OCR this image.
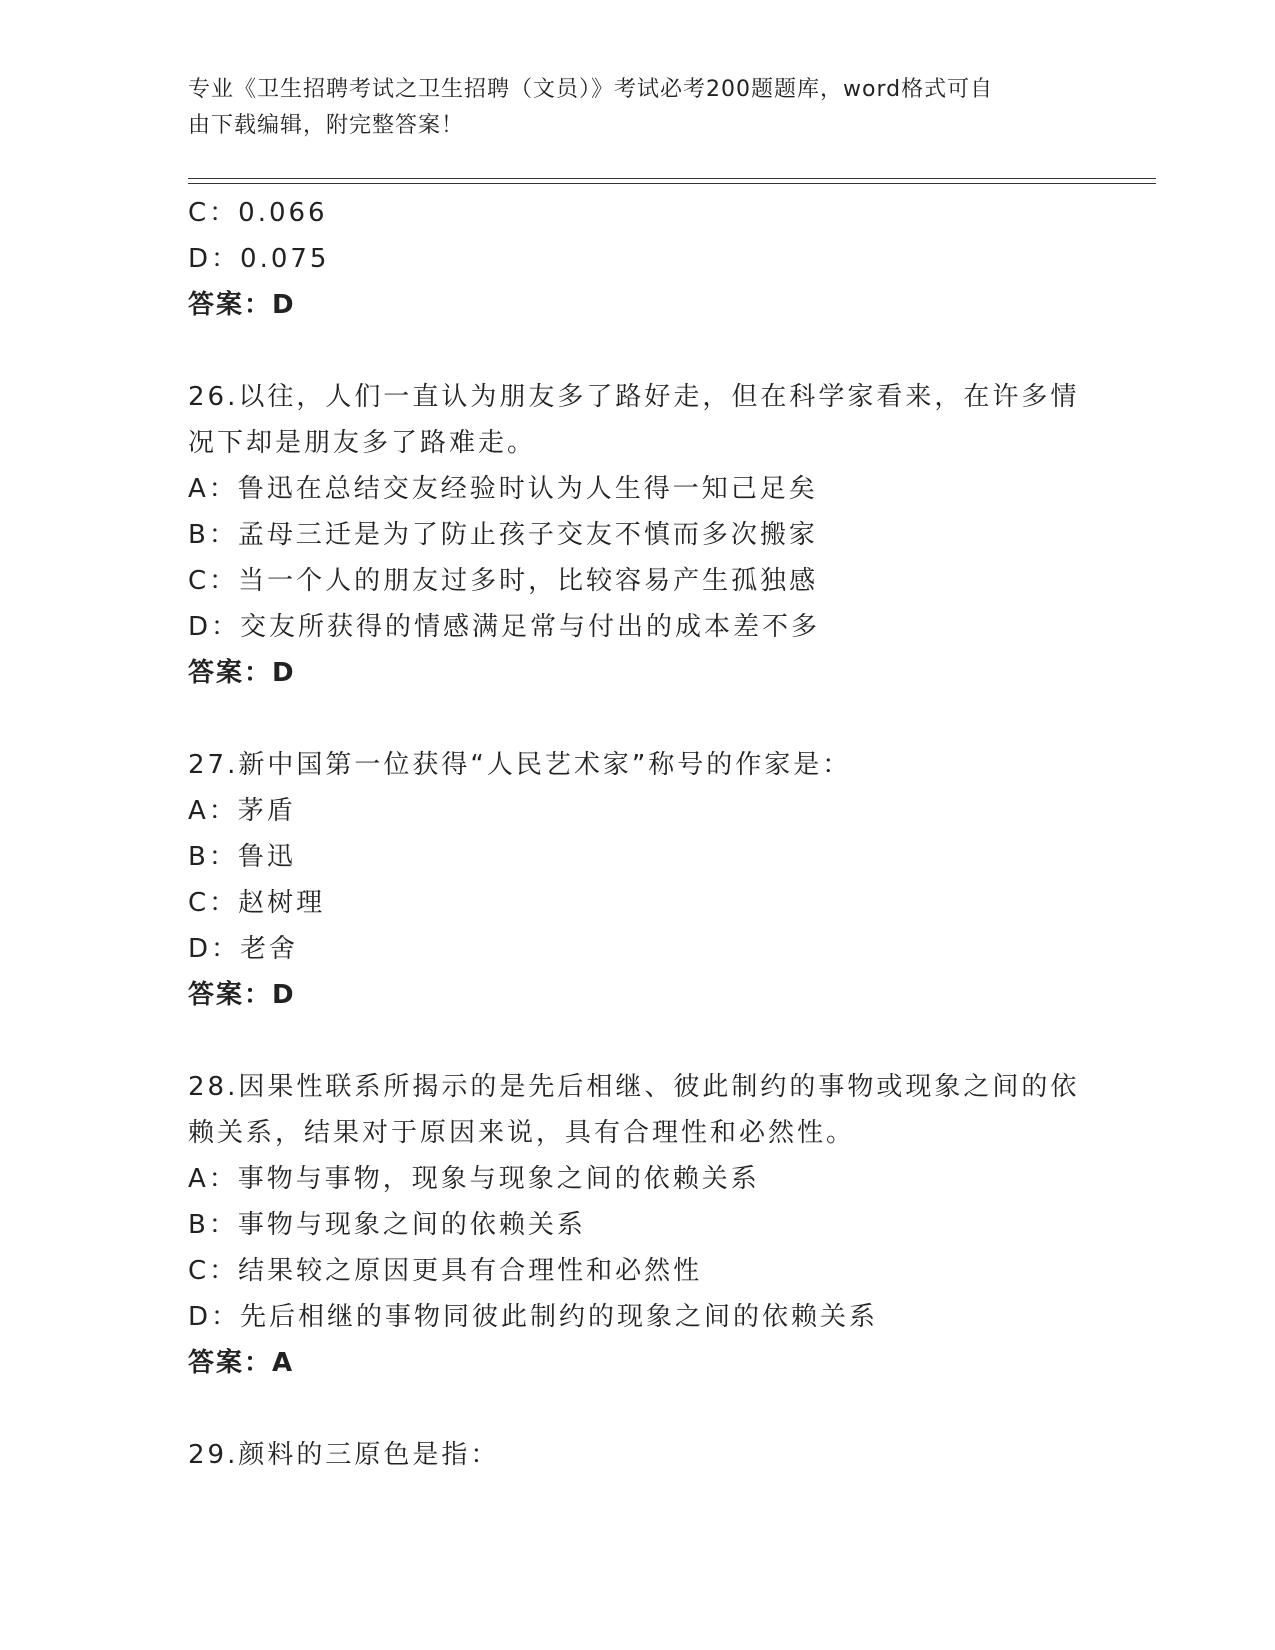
专业《卫生招聘考试之卫生招聘（文员）》考试必考200题题库，word格式可自
由下载编辑，附完整答案！
C：0.066
D：0.075
答案：D
26.以往，人们一直认为朋友多了路好走，但在科学家看来，在许多情
况下却是朋友多了路难走。
A：鲁迅在总结交友经验时认为人生得一知己足矣
B：孟母三迁是为了防止孩子交友不慎而多次搬家
C：当一个人的朋友过多时，比较容易产生孤独感
D：交友所获得的情感满足常与付出的成本差不多
答案：D
27.新中国第一位获得“人民艺术家”称号的作家是：
A：茅盾
B：鲁迅
C：赵树理
D：老舍
答案：D
28.因果性联系所揭示的是先后相继、彼此制约的事物或现象之间的依
赖关系，结果对于原因来说，具有合理性和必然性。
A：事物与事物，现象与现象之间的依赖关系
B：事物与现象之间的依赖关系
C：结果较之原因更具有合理性和必然性
D：先后相继的事物同彼此制约的现象之间的依赖关系
答案：A
29.颜料的三原色是指：
